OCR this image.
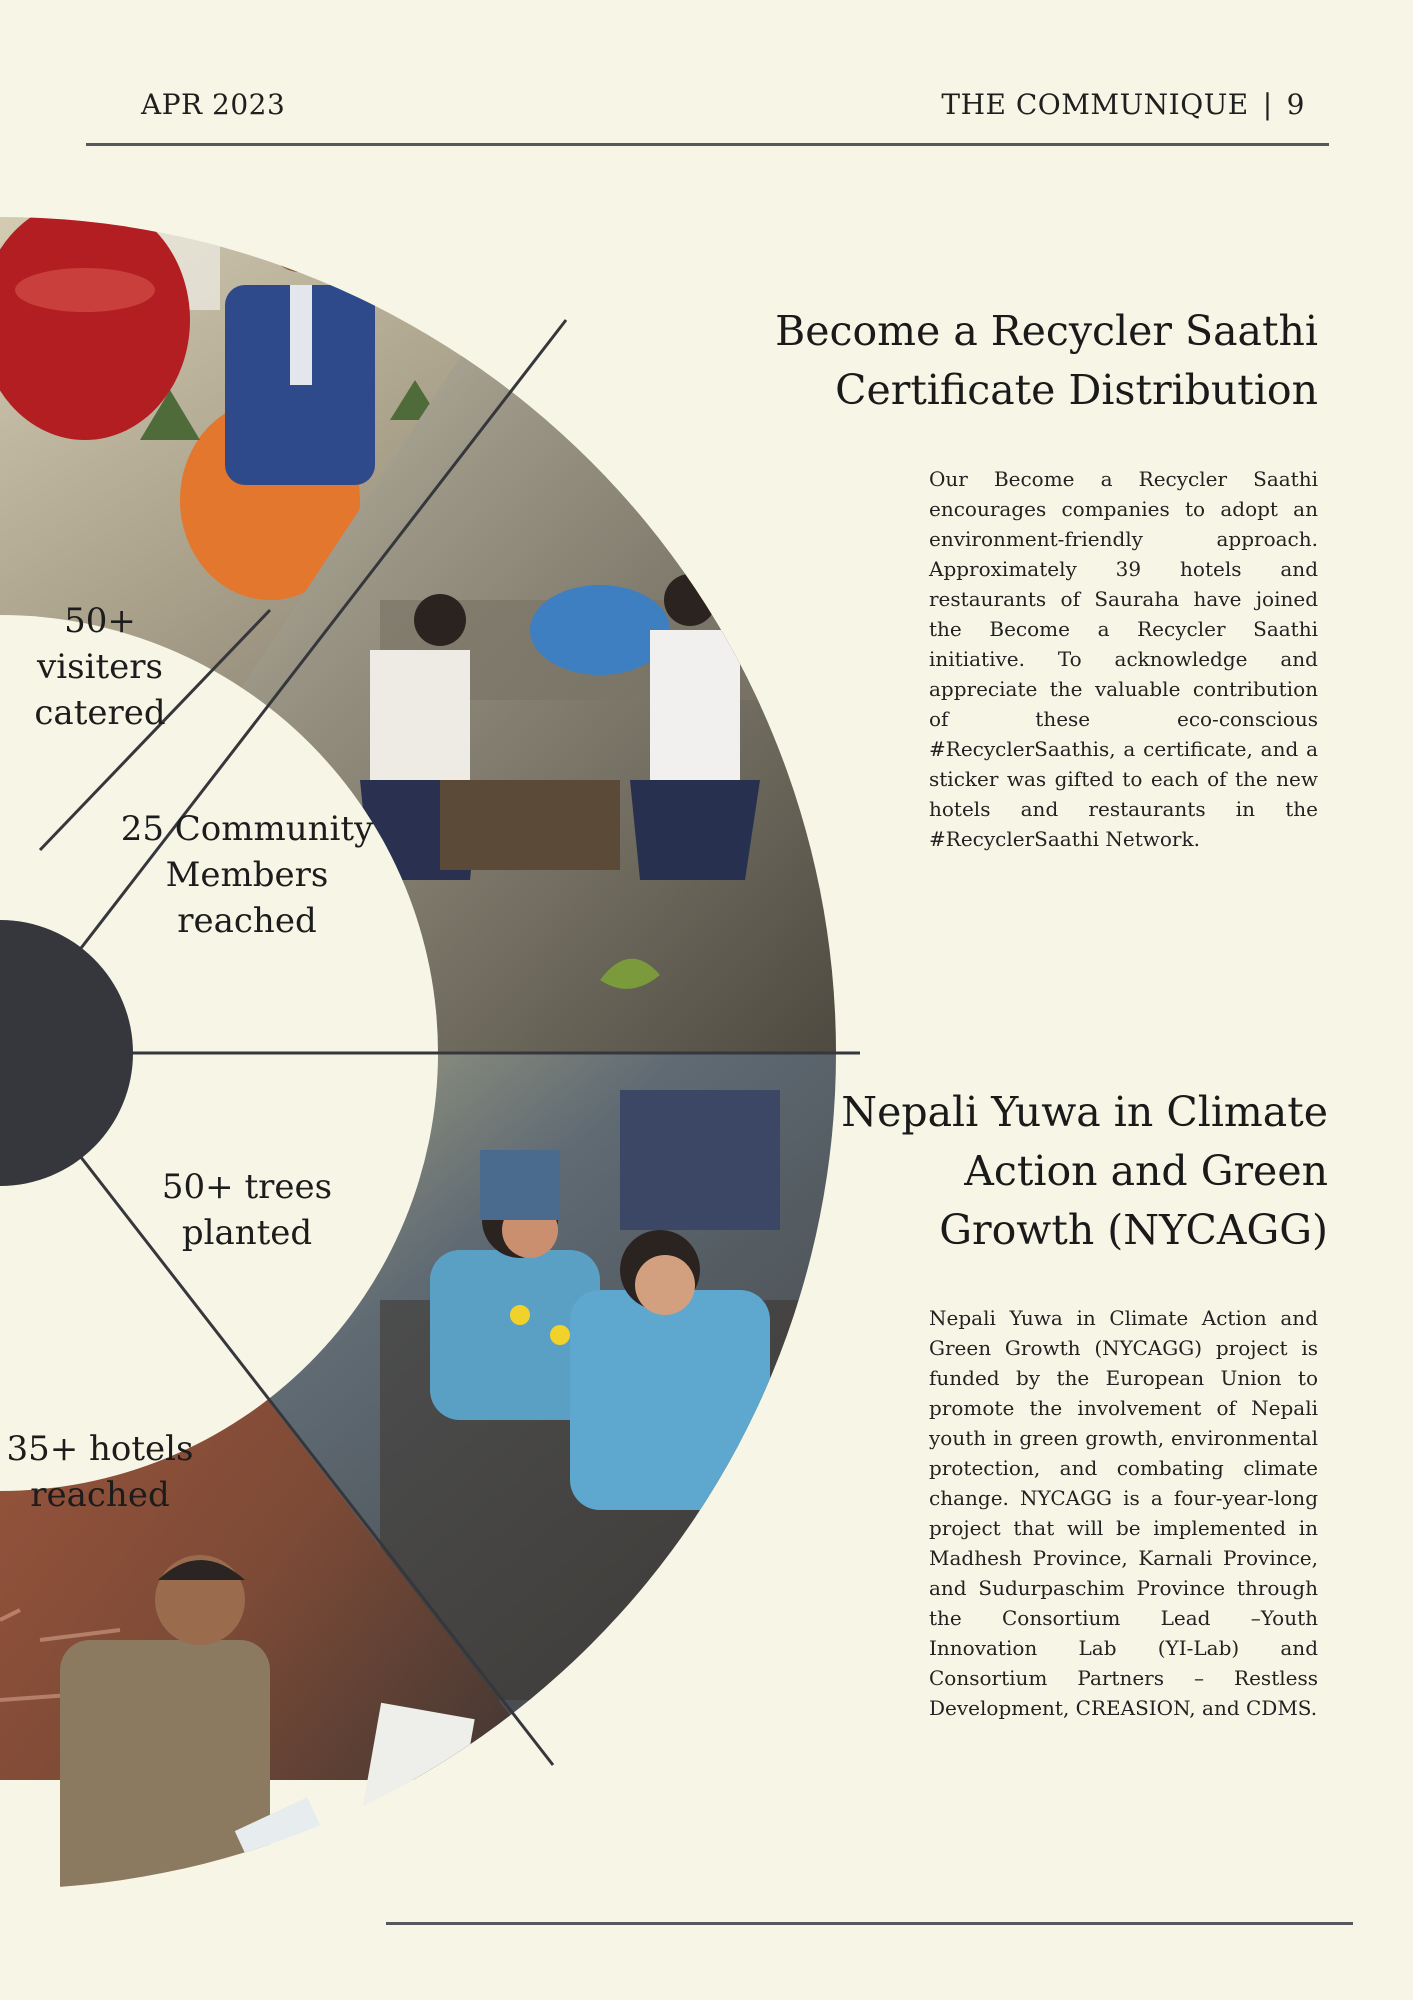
APR 2023	THE COMMUNIQUE | 9
50+ visiters
catered
25 Community
Members
reached
50+ trees
planted
35+ hotels
reached
Become a Recycler Saathi
Certificate Distribution

Our Become a Recycler Saathi encourages companies to adopt an environment-friendly approach. Approximately 39 hotels and restaurants of Sauraha have joined the Become a Recycler Saathi initiative. To acknowledge and appreciate the valuable contribution of these eco-conscious #RecyclerSaathis, a certificate, and a sticker was gifted to each of the new hotels and restaurants in the #RecyclerSaathi Network.

Nepali Yuwa in Climate
Action and Green
Growth (NYCAGG)

Nepali Yuwa in Climate Action and Green Growth (NYCAGG) project is funded by the European Union to promote the involvement of Nepali youth in green growth, environmental protection, and combating climate change. NYCAGG is a four-year-long project that will be implemented in Madhesh Province, Karnali Province, and Sudurpaschim Province through the Consortium Lead –Youth Innovation Lab (YI-Lab) and Consortium Partners – Restless Development, CREASION, and CDMS.
